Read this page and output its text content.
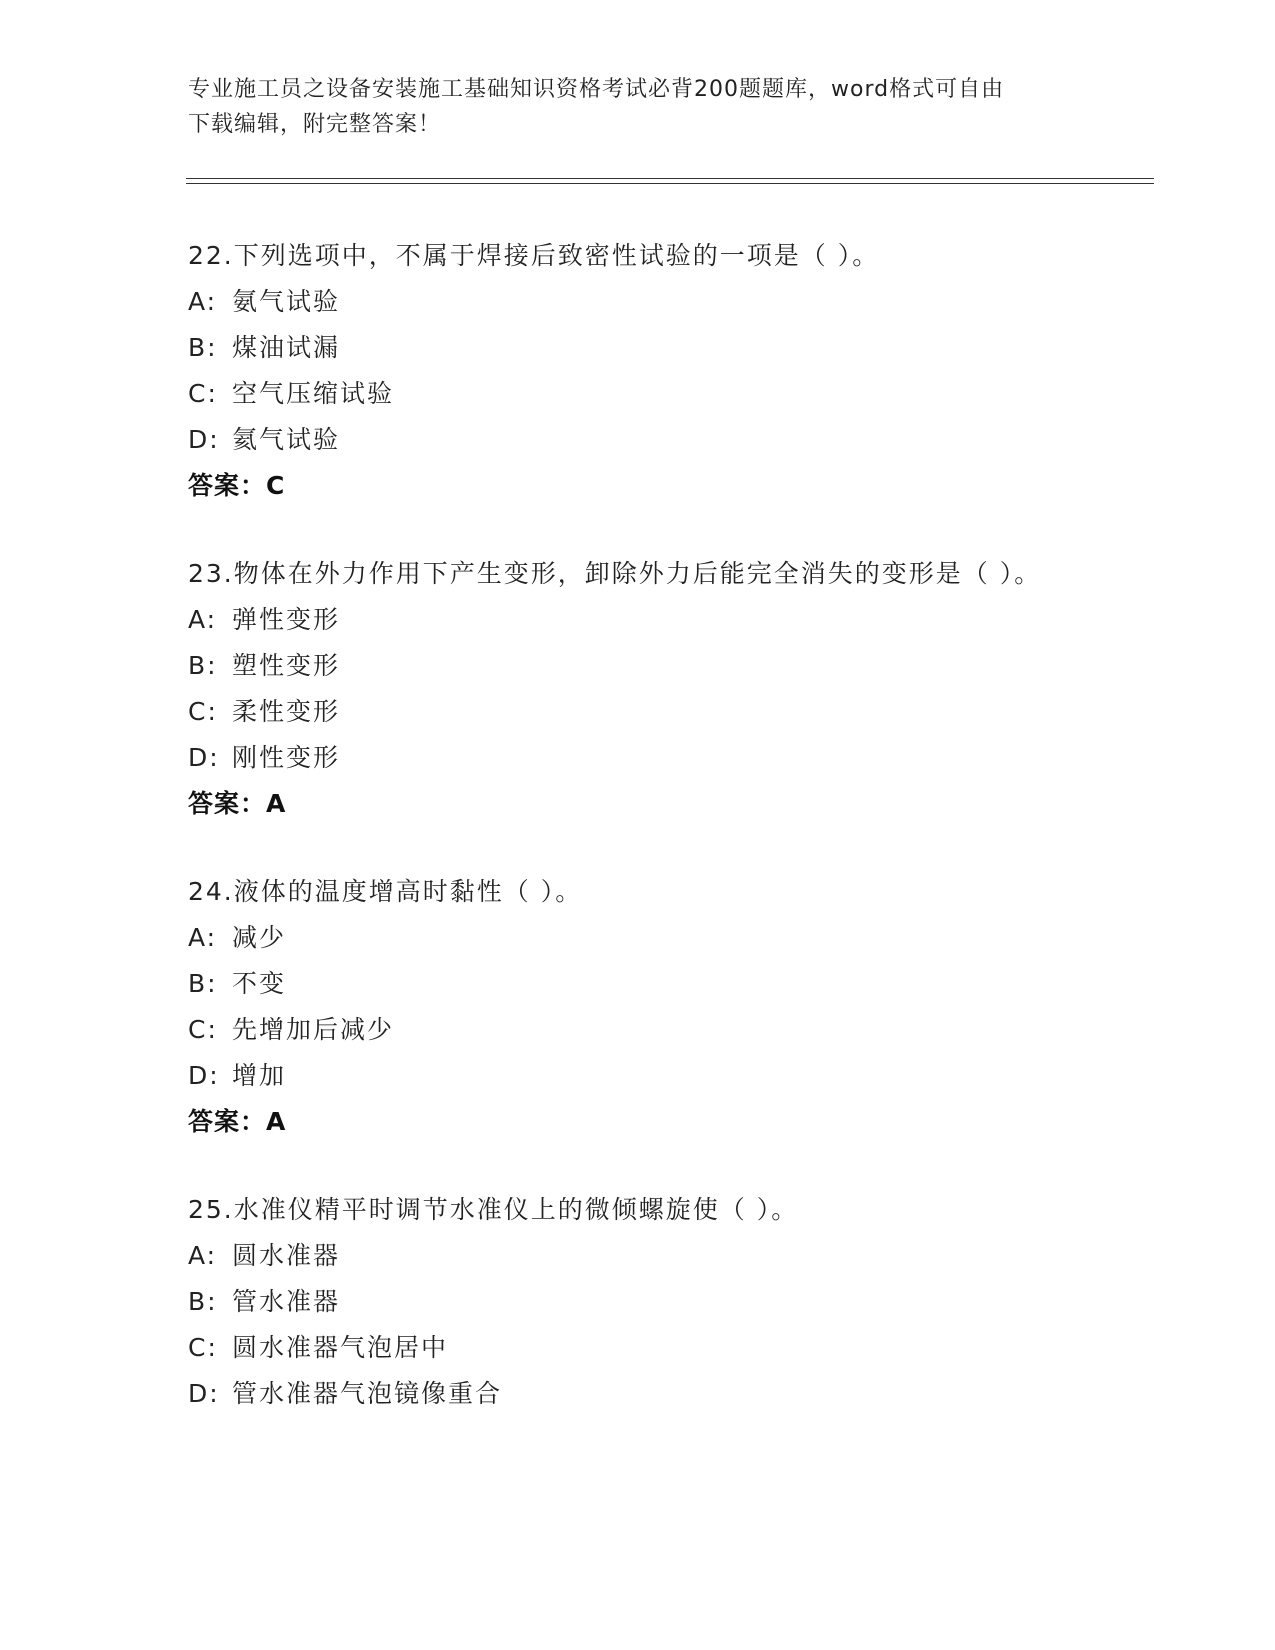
专业施工员之设备安装施工基础知识资格考试必背200题题库，word格式可自由
下载编辑，附完整答案！
22.下列选项中，不属于焊接后致密性试验的一项是（ ）。
A: 氨气试验
B: 煤油试漏
C: 空气压缩试验
D: 氦气试验
答案：C
23.物体在外力作用下产生变形，卸除外力后能完全消失的变形是（ ）。
A: 弹性变形
B: 塑性变形
C: 柔性变形
D: 刚性变形
答案：A
24.液体的温度增高时黏性（ ）。
A: 减少
B: 不变
C: 先增加后减少
D: 增加
答案：A
25.水准仪精平时调节水准仪上的微倾螺旋使（ ）。
A: 圆水准器
B: 管水准器
C: 圆水准器气泡居中
D: 管水准器气泡镜像重合
